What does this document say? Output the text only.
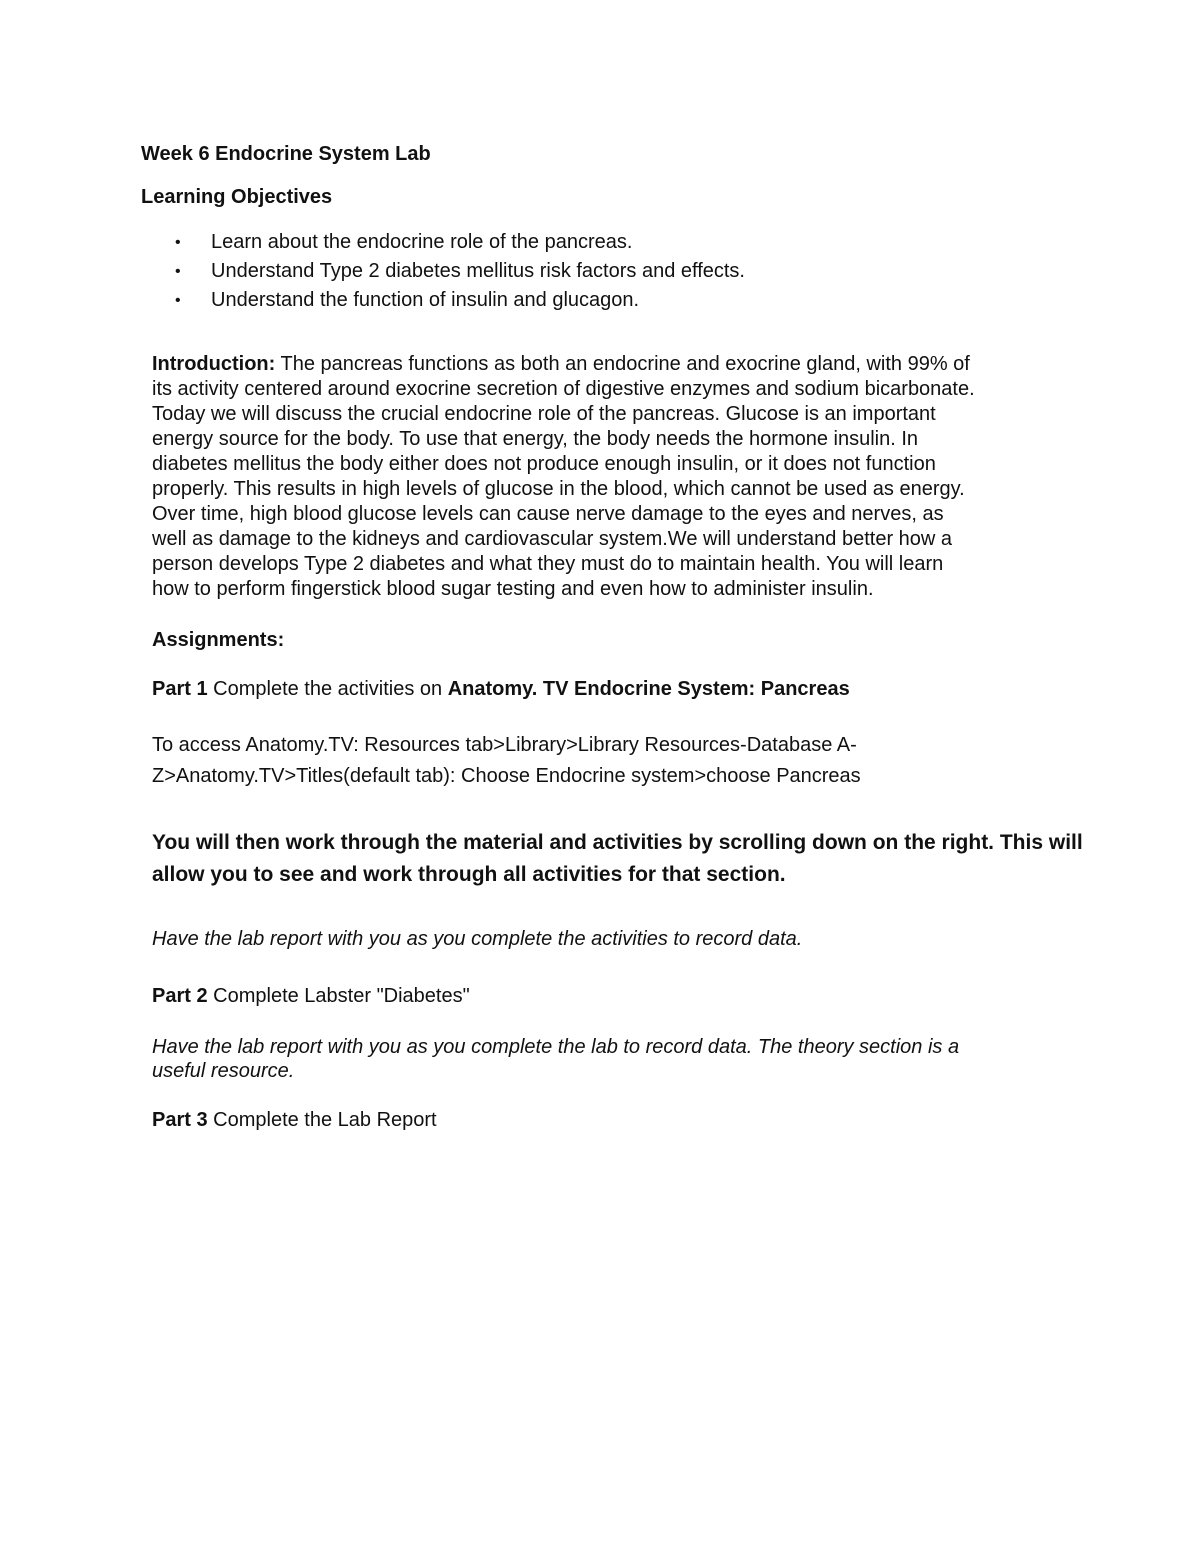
Week 6 Endocrine System Lab
Learning Objectives
• Learn about the endocrine role of the pancreas.
• Understand Type 2 diabetes mellitus risk factors and effects.
• Understand the function of insulin and glucagon.
Introduction: The pancreas functions as both an endocrine and exocrine gland, with 99% of
its activity centered around exocrine secretion of digestive enzymes and sodium bicarbonate.
Today we will discuss the crucial endocrine role of the pancreas. Glucose is an important
energy source for the body. To use that energy, the body needs the hormone insulin. In
diabetes mellitus the body either does not produce enough insulin, or it does not function
properly. This results in high levels of glucose in the blood, which cannot be used as energy.
Over time, high blood glucose levels can cause nerve damage to the eyes and nerves, as
well as damage to the kidneys and cardiovascular system.We will understand better how a
person develops Type 2 diabetes and what they must do to maintain health. You will learn
how to perform fingerstick blood sugar testing and even how to administer insulin.
Assignments:

Part 1 Complete the activities on Anatomy. TV Endocrine System: Pancreas

To access Anatomy.TV: Resources tab>Library>Library Resources-Database A-
Z>Anatomy.TV>Titles(default tab): Choose Endocrine system>choose Pancreas

You will then work through the material and activities by scrolling down on the right. This will
allow you to see and work through all activities for that section.

Have the lab report with you as you complete the activities to record data.

Part 2 Complete Labster "Diabetes"

Have the lab report with you as you complete the lab to record data. The theory section is a
useful resource.

Part 3 Complete the Lab Report
